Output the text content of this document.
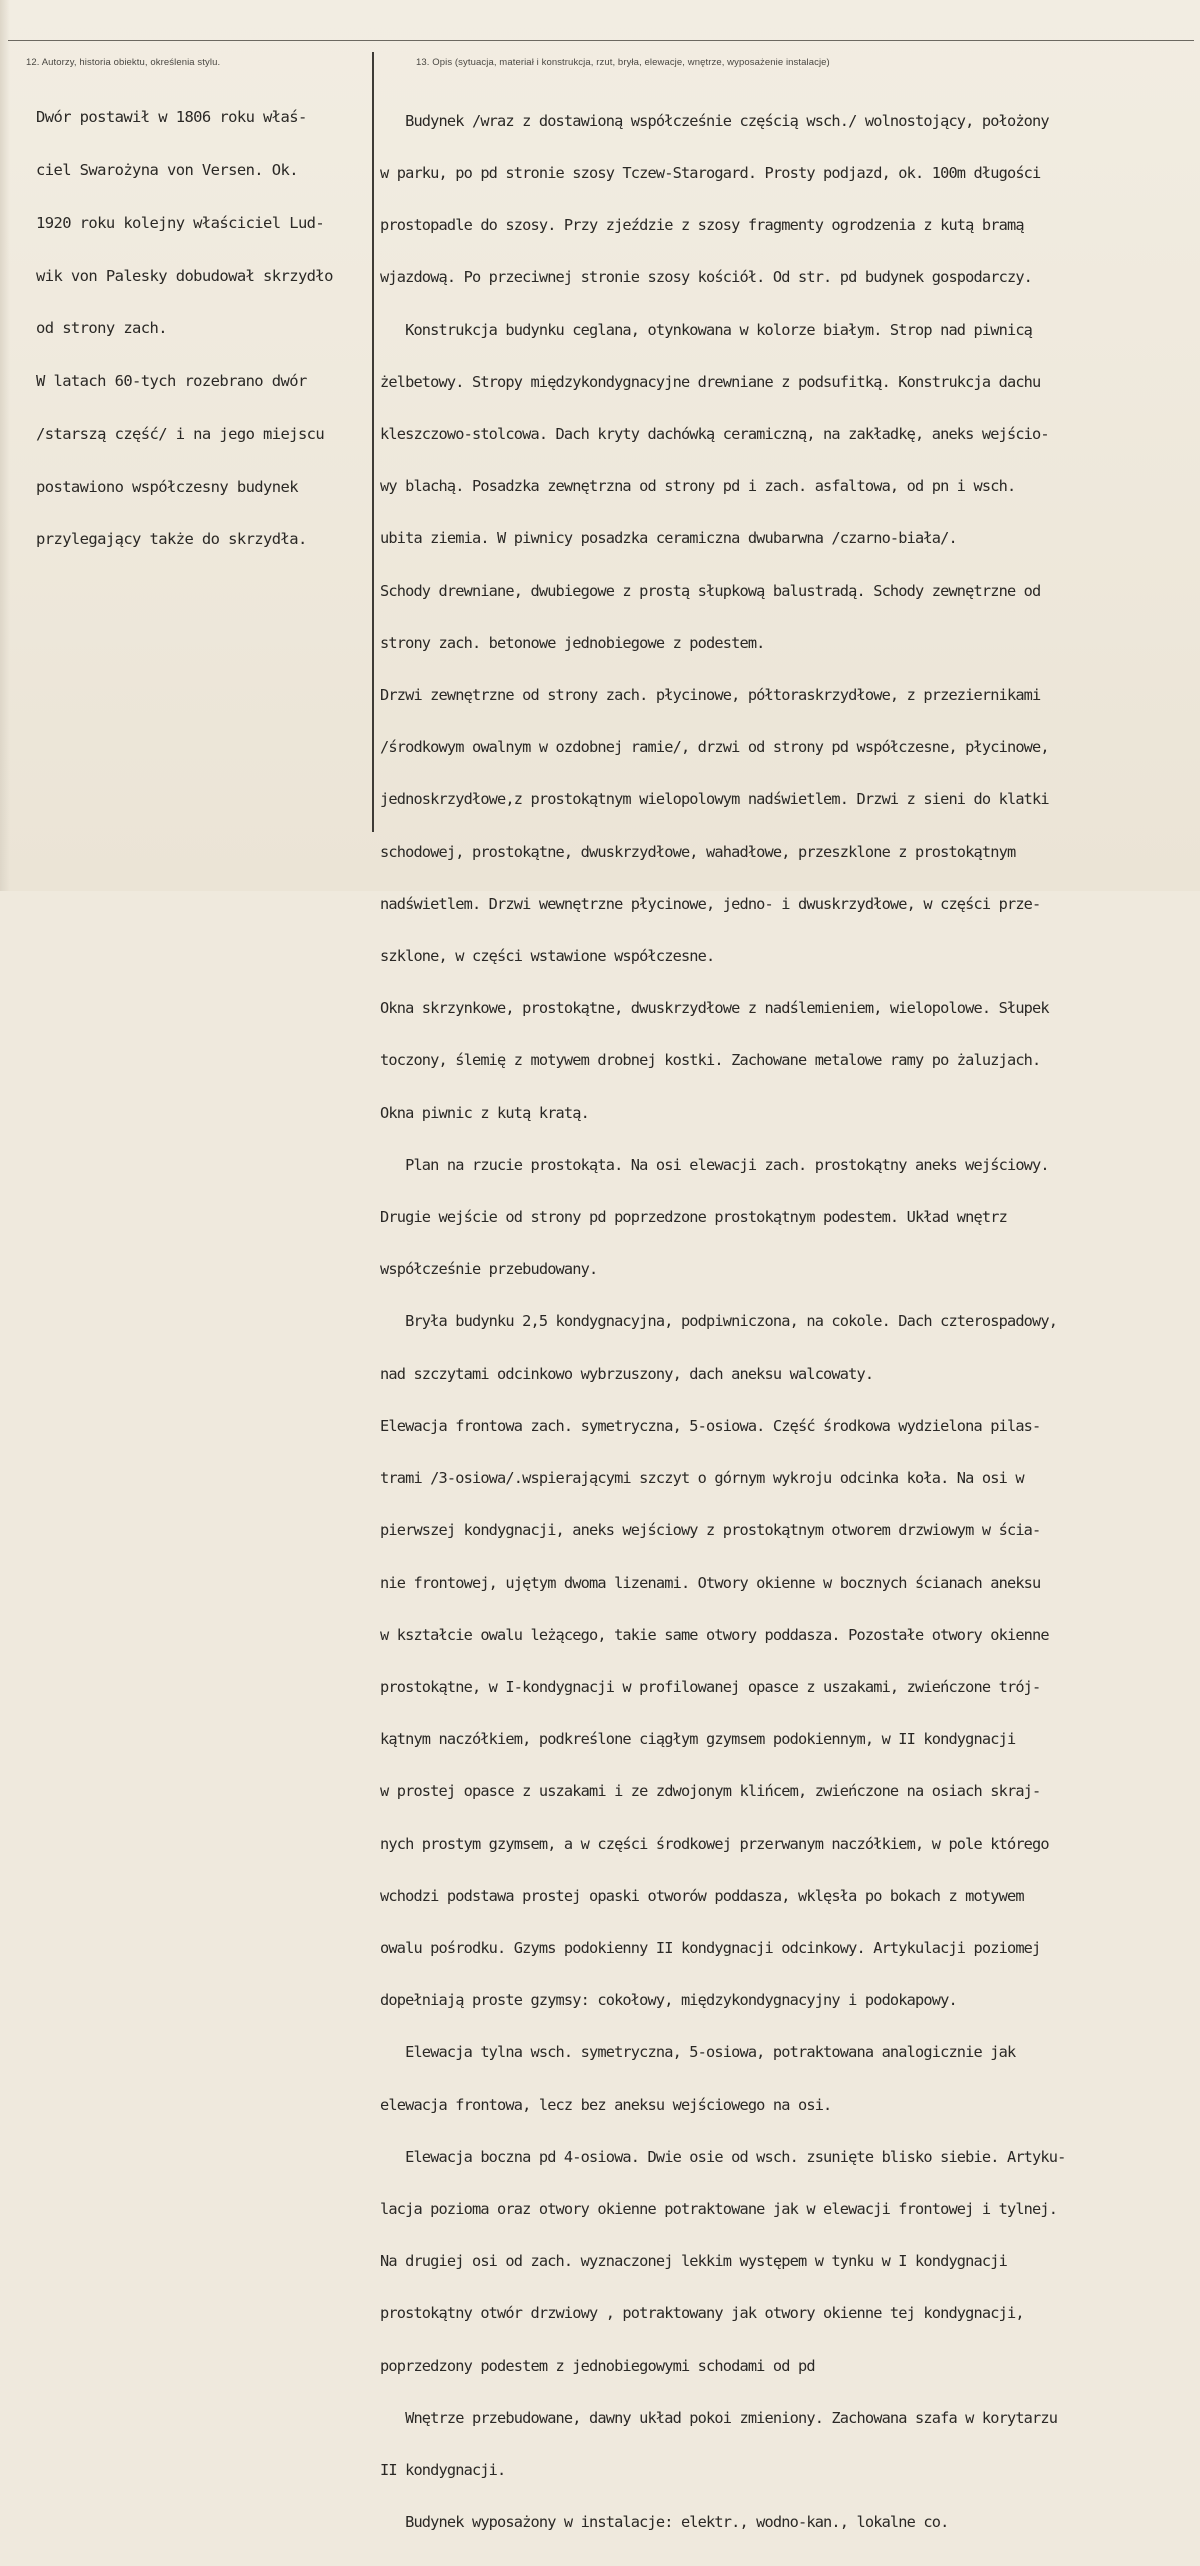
12. Autorzy, historia obiektu, określenia stylu.	13. Opis (sytuacja, materiał i konstrukcja, rzut, bryła, elewacje, wnętrze, wyposażenie instalacje)

Dwór postawił w 1806 roku właś-

ciel Swarożyna von Versen. Ok.

1920 roku kolejny właściciel Lud-

wik von Palesky dobudował skrzydło

od strony zach.

W latach 60-tych rozebrano dwór

/starszą część/ i na jego miejscu

postawiono współczesny budynek

przylegający także do skrzydła.

Budynek /wraz z dostawioną współcześnie częścią wsch./ wolnostojący, położony

w parku, po pd stronie szosy Tczew-Starogard. Prosty podjazd, ok. 100m długości

prostopadle do szosy. Przy zjeździe z szosy fragmenty ogrodzenia z kutą bramą

wjazdową. Po przeciwnej stronie szosy kościół. Od str. pd budynek gospodarczy.

Konstrukcja budynku ceglana, otynkowana w kolorze białym. Strop nad piwnicą

żelbetowy. Stropy międzykondygnacyjne drewniane z podsufitką. Konstrukcja dachu

kleszczowo-stolcowa. Dach kryty dachówką ceramiczną, na zakładkę, aneks wejścio-

wy blachą. Posadzka zewnętrzna od strony pd i zach. asfaltowa, od pn i wsch.

ubita ziemia. W piwnicy posadzka ceramiczna dwubarwna /czarno-biała/.

Schody drewniane, dwubiegowe z prostą słupkową balustradą. Schody zewnętrzne od

strony zach. betonowe jednobiegowe z podestem.

Drzwi zewnętrzne od strony zach. płycinowe, półtoraskrzydłowe, z przeziernikami

/środkowym owalnym w ozdobnej ramie/, drzwi od strony pd współczesne, płycinowe,

jednoskrzydłowe,z prostokątnym wielopolowym nadświetlem. Drzwi z sieni do klatki

schodowej, prostokątne, dwuskrzydłowe, wahadłowe, przeszklone z prostokątnym

nadświetlem. Drzwi wewnętrzne płycinowe, jedno- i dwuskrzydłowe, w części prze-

szklone, w części wstawione współczesne.

Okna skrzynkowe, prostokątne, dwuskrzydłowe z nadślemieniem, wielopolowe. Słupek

toczony, ślemię z motywem drobnej kostki. Zachowane metalowe ramy po żaluzjach.

Okna piwnic z kutą kratą.

Plan na rzucie prostokąta. Na osi elewacji zach. prostokątny aneks wejściowy.

Drugie wejście od strony pd poprzedzone prostokątnym podestem. Układ wnętrz

współcześnie przebudowany.

Bryła budynku 2,5 kondygnacyjna, podpiwniczona, na cokole. Dach czterospadowy,

nad szczytami odcinkowo wybrzuszony, dach aneksu walcowaty.

Elewacja frontowa zach. symetryczna, 5-osiowa. Część środkowa wydzielona pilas-

trami /3-osiowa/.wspierającymi szczyt o górnym wykroju odcinka koła. Na osi w

pierwszej kondygnacji, aneks wejściowy z prostokątnym otworem drzwiowym w ścia-

nie frontowej, ujętym dwoma lizenami. Otwory okienne w bocznych ścianach aneksu

w kształcie owalu leżącego, takie same otwory poddasza. Pozostałe otwory okienne

prostokątne, w I-kondygnacji w profilowanej opasce z uszakami, zwieńczone trój-

kątnym naczółkiem, podkreślone ciągłym gzymsem podokiennym, w II kondygnacji

w prostej opasce z uszakami i ze zdwojonym klińcem, zwieńczone na osiach skraj-

nych prostym gzymsem, a w części środkowej przerwanym naczółkiem, w pole którego

wchodzi podstawa prostej opaski otworów poddasza, wklęsła po bokach z motywem

owalu pośrodku. Gzyms podokienny II kondygnacji odcinkowy. Artykulacji poziomej

dopełniają proste gzymsy: cokołowy, międzykondygnacyjny i podokapowy.

Elewacja tylna wsch. symetryczna, 5-osiowa, potraktowana analogicznie jak

elewacja frontowa, lecz bez aneksu wejściowego na osi.

Elewacja boczna pd 4-osiowa. Dwie osie od wsch. zsunięte blisko siebie. Artyku-

lacja pozioma oraz otwory okienne potraktowane jak w elewacji frontowej i tylnej.

Na drugiej osi od zach. wyznaczonej lekkim występem w tynku w I kondygnacji

prostokątny otwór drzwiowy , potraktowany jak otwory okienne tej kondygnacji,

poprzedzony podestem z jednobiegowymi schodami od pd

Wnętrze przebudowane, dawny układ pokoi zmieniony. Zachowana szafa w korytarzu

II kondygnacji.

Budynek wyposażony w instalacje: elektr., wodno-kan., lokalne co.
